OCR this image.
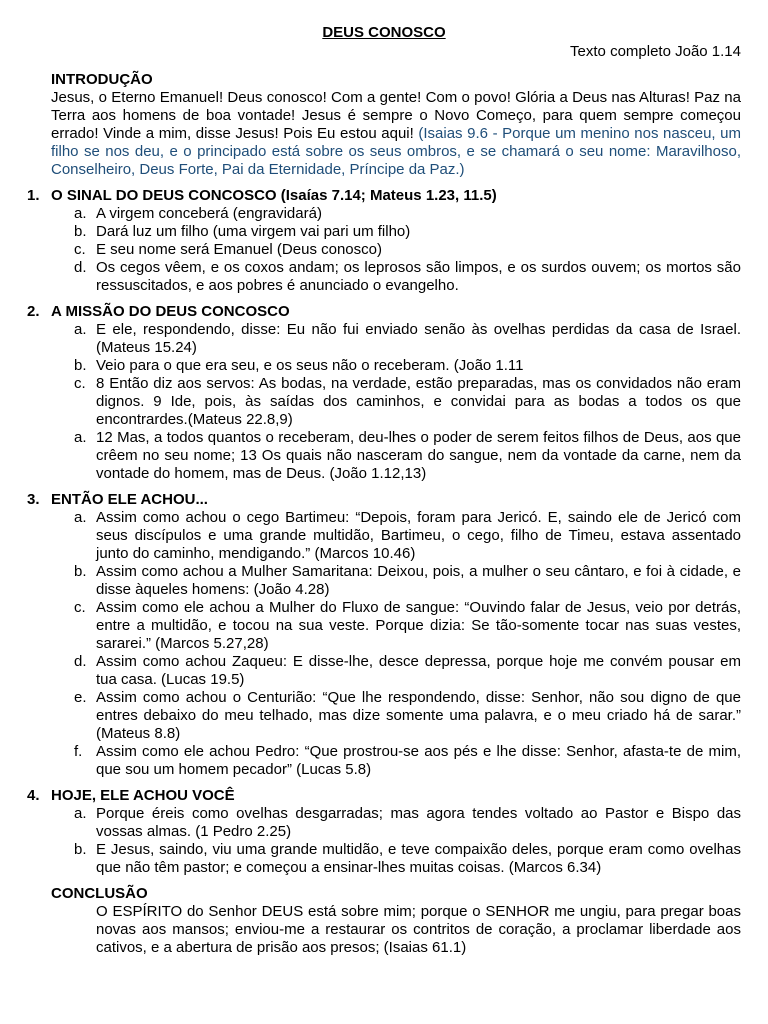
DEUS CONOSCO
Texto completo João 1.14
INTRODUÇÃO
Jesus, o Eterno Emanuel! Deus conosco! Com a gente! Com o povo! Glória a Deus nas Alturas! Paz na Terra aos homens de boa vontade! Jesus é sempre o Novo Começo, para quem sempre começou errado! Vinde a mim, disse Jesus! Pois Eu estou aqui! (Isaias 9.6 - Porque um menino nos nasceu, um filho se nos deu, e o principado está sobre os seus ombros, e se chamará o seu nome: Maravilhoso, Conselheiro, Deus Forte, Pai da Eternidade, Príncipe da Paz.)
1. O SINAL DO DEUS CONCOSCO (Isaías 7.14; Mateus 1.23, 11.5)
a. A virgem conceberá (engravidará)
b. Dará luz um filho (uma virgem vai pari um filho)
c. E seu nome será Emanuel (Deus conosco)
d. Os cegos vêem, e os coxos andam; os leprosos são limpos, e os surdos ouvem; os mortos são ressuscitados, e aos pobres é anunciado o evangelho.
2. A MISSÃO DO DEUS CONCOSCO
a. E ele, respondendo, disse: Eu não fui enviado senão às ovelhas perdidas da casa de Israel. (Mateus 15.24)
b. Veio para o que era seu, e os seus não o receberam. (João 1.11
c. 8 Então diz aos servos: As bodas, na verdade, estão preparadas, mas os convidados não eram dignos. 9 Ide, pois, às saídas dos caminhos, e convidai para as bodas a todos os que encontrardes.(Mateus 22.8,9)
a. 12 Mas, a todos quantos o receberam, deu-lhes o poder de serem feitos filhos de Deus, aos que crêem no seu nome; 13 Os quais não nasceram do sangue, nem da vontade da carne, nem da vontade do homem, mas de Deus. (João 1.12,13)
3. ENTÃO ELE ACHOU...
a. Assim como achou o cego Bartimeu: “Depois, foram para Jericó. E, saindo ele de Jericó com seus discípulos e uma grande multidão, Bartimeu, o cego, filho de Timeu, estava assentado junto do caminho, mendigando.” (Marcos 10.46)
b. Assim como achou a Mulher Samaritana: Deixou, pois, a mulher o seu cântaro, e foi à cidade, e disse àqueles homens: (João 4.28)
c. Assim como ele achou a Mulher do Fluxo de sangue: “Ouvindo falar de Jesus, veio por detrás, entre a multidão, e tocou na sua veste. Porque dizia: Se tão-somente tocar nas suas vestes, sararei.” (Marcos 5.27,28)
d. Assim como achou Zaqueu: E disse-lhe, desce depressa, porque hoje me convém pousar em tua casa. (Lucas 19.5)
e. Assim como achou o Centurião: “Que lhe respondendo, disse: Senhor, não sou digno de que entres debaixo do meu telhado, mas dize somente uma palavra, e o meu criado há de sarar.” (Mateus 8.8)
f. Assim como ele achou Pedro: “Que prostrou-se aos pés e lhe disse: Senhor, afasta-te de mim, que sou um homem pecador” (Lucas 5.8)
4. HOJE, ELE ACHOU VOCÊ
a. Porque éreis como ovelhas desgarradas; mas agora tendes voltado ao Pastor e Bispo das vossas almas. (1 Pedro 2.25)
b. E Jesus, saindo, viu uma grande multidão, e teve compaixão deles, porque eram como ovelhas que não têm pastor; e começou a ensinar-lhes muitas coisas. (Marcos 6.34)
CONCLUSÃO
O ESPÍRITO do Senhor DEUS está sobre mim; porque o SENHOR me ungiu, para pregar boas novas aos mansos; enviou-me a restaurar os contritos de coração, a proclamar liberdade aos cativos, e a abertura de prisão aos presos; (Isaias 61.1)
